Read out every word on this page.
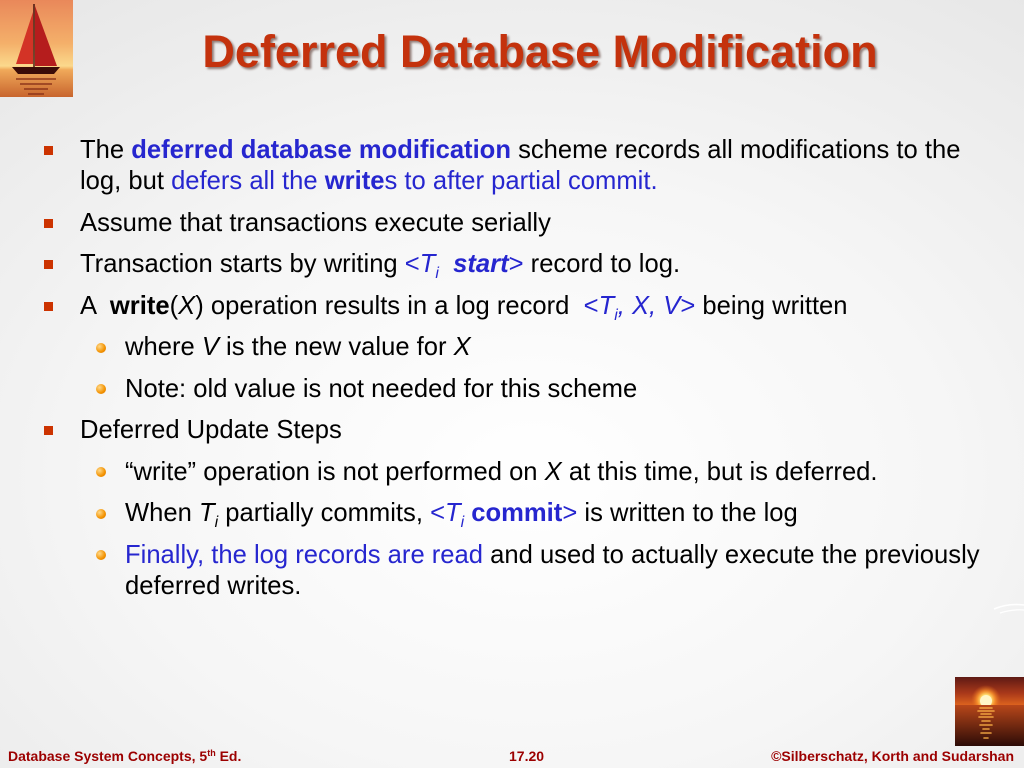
Deferred Database Modification

The deferred database modification scheme records all modifications to the log, but defers all the writes to after partial commit.

Assume that transactions execute serially

Transaction starts by writing $<T_i$  start> record to log.

A  write(X) operation results in a log record  $<T_i$, X, V> being written

where V is the new value for X

Note: old value is not needed for this scheme

Deferred Update Steps

“write” operation is not performed on X at this time, but is deferred.

When $T_i$ partially commits, $<T_i$ commit> is written to the log

Finally, the log records are read and used to actually execute the previously deferred writes.

Database System Concepts, 5th Ed.	17.20	©Silberschatz, Korth and Sudarshan
